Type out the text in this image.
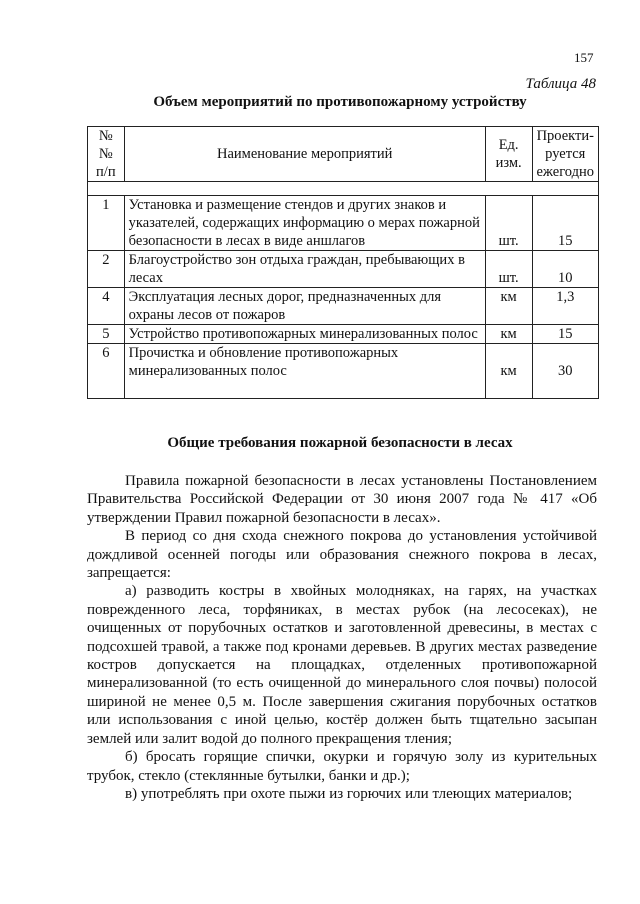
157
Таблица 48
Объем мероприятий по противопожарному устройству
№№ п/п	Наименование мероприятий	Ед. изм.	Проекти-руется ежегодно

1	Установка и размещение стендов и других знаков и указателей, содержащих информацию о мерах пожарной безопасности в лесах в виде аншлагов	шт.	15
2	Благоустройство зон отдыха граждан, пребывающих в лесах	шт.	10
4	Эксплуатация лесных дорог, предназначенных для охраны лесов от пожаров	км	1,3
5	Устройство противопожарных минерализованных полос	км	15
6	Прочистка и обновление противопожарных минерализованных полос	км	30
Общие требования пожарной безопасности в лесах

Правила пожарной безопасности в лесах установлены Постановлением Правительства Российской Федерации от 30 июня 2007 года № 417 «Об утверждении Правил пожарной безопасности в лесах».

В период со дня схода снежного покрова до установления устойчивой дождливой осенней погоды или образования снежного покрова в лесах, запрещается:

а) разводить костры в хвойных молодняках, на гарях, на участках поврежденного леса, торфяниках, в местах рубок (на лесосеках), не очищенных от порубочных остатков и заготовленной древесины, в местах с подсохшей травой, а также под кронами деревьев. В других местах разведение костров допускается на площадках, отделенных противопожарной минерализованной (то есть очищенной до минерального слоя почвы) полосой шириной не менее 0,5 м. После завершения сжигания порубочных остатков или использования с иной целью, костёр должен быть тщательно засыпан землей или залит водой до полного прекращения тления;

б) бросать горящие спички, окурки и горячую золу из курительных трубок, стекло (стеклянные бутылки, банки и др.);

в) употреблять при охоте пыжи из горючих или тлеющих материалов;
